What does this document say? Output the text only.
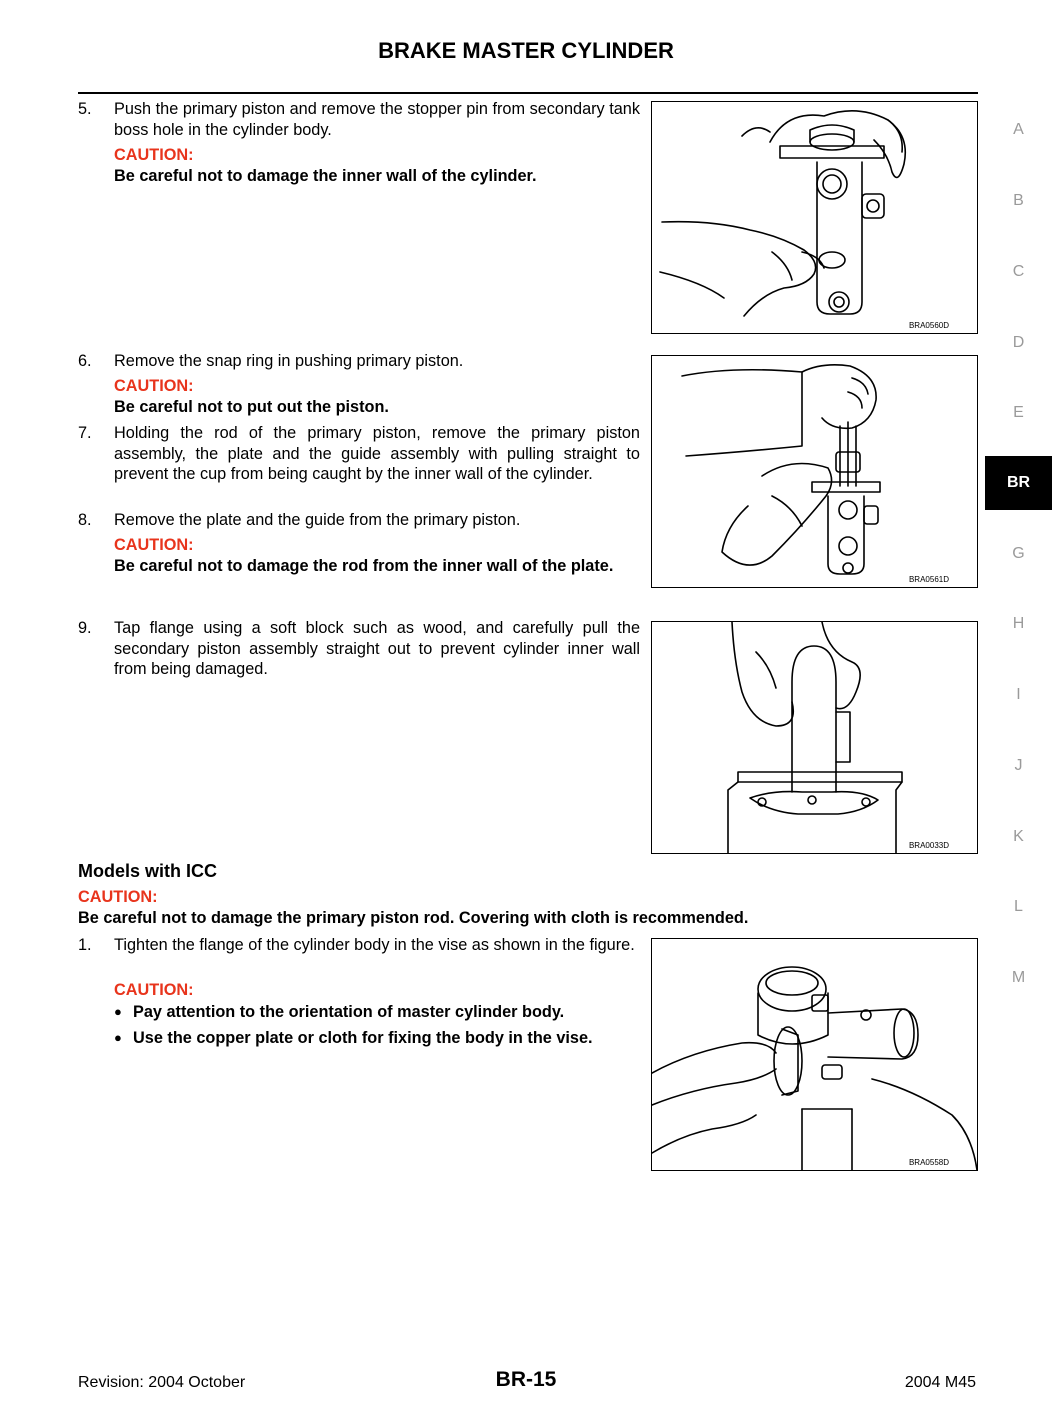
BRAKE MASTER CYLINDER
A
B
C
D
E
BR
G
H
I
J
K
L
M
5. Push the primary piston and remove the stopper pin from secondary tank boss hole in the cylinder body.
CAUTION:
Be careful not to damage the inner wall of the cylinder.
BRA0560D
6. Remove the snap ring in pushing primary piston.
CAUTION:
Be careful not to put out the piston.
7. Holding the rod of the primary piston, remove the primary piston assembly, the plate and the guide assembly with pulling straight to prevent the cup from being caught by the inner wall of the cylinder.
8. Remove the plate and the guide from the primary piston.
CAUTION:
Be careful not to damage the rod from the inner wall of the plate.
BRA0561D
9. Tap flange using a soft block such as wood, and carefully pull the secondary piston assembly straight out to prevent cylinder inner wall from being damaged.
BRA0033D
Models with ICC
CAUTION:
Be careful not to damage the primary piston rod. Covering with cloth is recommended.
1. Tighten the flange of the cylinder body in the vise as shown in the figure.
CAUTION:
● Pay attention to the orientation of master cylinder body.
● Use the copper plate or cloth for fixing the body in the vise.
BRA0558D
Revision: 2004 October	BR-15	2004 M45
